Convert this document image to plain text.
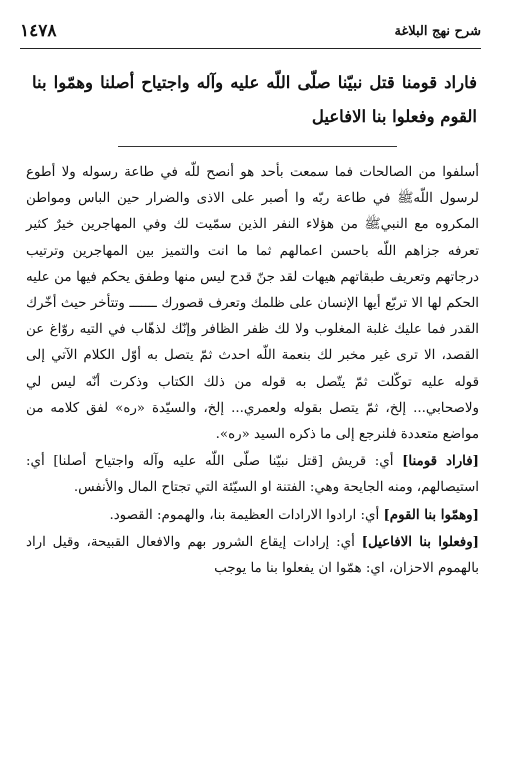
١٤٧٨	شرح نهج البلاغة
فاراد قومنا قتل نبيّنا صلّى اللّه عليه وآله واجتياح أصلنا وهمّوا بنا القوم وفعلوا بنا الافاعيل

أسلفوا من الصالحات فما سمعت بأحد هو أنصح للّه في طاعة رسوله ولا أطوع لرسول اللّهﷺ في طاعة ربّه وا أصبر على الاذى والضرار حين الباس ومواطن المكروه مع النبيﷺ من هؤلاء النفر الذين سمّيت لك وفي المهاجرين خيرٌ كثير تعرفه جزاهم اللّه باحسن اعمالهم ثما ما انت والتميز بين المهاجرين وترتيب درجاتهم وتعريف طبقاتهم هيهات لقد جنّ قدح ليس منها وطفق يحكم فيها من عليه الحكم لها الا تربّع أيها الإنسان على ظلمك وتعرف قصورك ـــــــ وتتأخر حيث أخّرك القدر فما عليك غلبة المغلوب ولا لك ظفر الظافر وإنّك لذهّاب في التيه روّاغ عن القصد، الا ترى غير مخبر لك بنعمة اللّه احدث ثمّ يتصل به أوّل الكلام الآتي إلى قوله عليه توكّلت ثمّ يتّصل به قوله من ذلك الكتاب وذكرت أنّه ليس لي ولاصحابي... إلخ، ثمّ يتصل بقوله ولعمري... إلخ، والسيّدة «ره» لفق كلامه من مواضع متعددة فلنرجع إلى ما ذكره السيد «ره».

[فاراد قومنا] أي: قريش [قتل نبيّنا صلّى اللّه عليه وآله واجتياح أصلنا] أي: استيصالهم، ومنه الجايحة وهي: الفتنة او السيّئة التي تجتاح المال والأنفس.

[وهمّوا بنا القوم] أي: ارادوا الارادات العظيمة بنا، والهموم: القصود.

[وفعلوا بنا الافاعيل] أي: إرادات إيقاع الشرور بهم والافعال القبيحة، وقيل اراد بالهموم الاحزان، اي: همّوا ان يفعلوا بنا ما يوجب
